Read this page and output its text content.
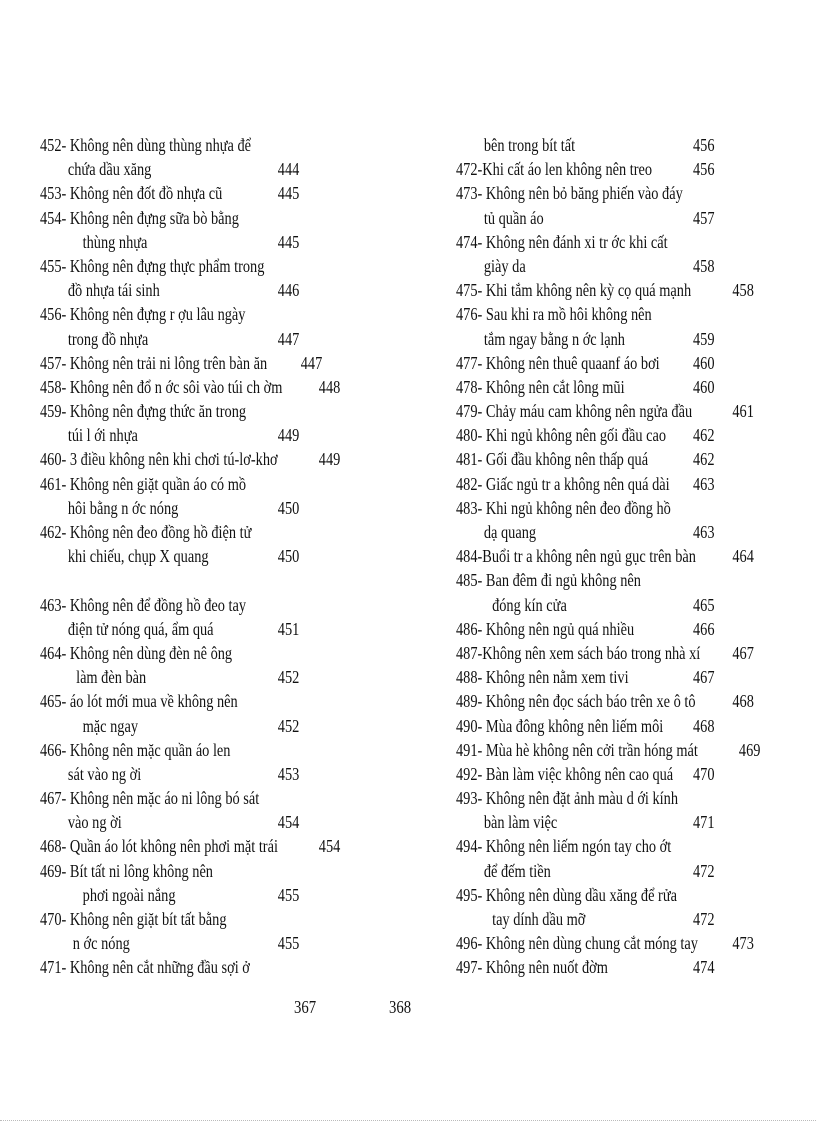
452- Không nên dùng thùng nhựa để
chứa dầu xăng	444
453- Không nên đốt đồ nhựa cũ	445
454- Không nên đựng sữa bò bằng
thùng nhựa	445
455- Không nên đựng thực phẩm trong
đồ nhựa tái sinh	446
456- Không nên đựng r ợu lâu ngày
trong đồ nhựa	447
457- Không nên trải ni lông trên bàn ăn 447
458- Không nên đổ n ớc sôi vào túi ch ờm 448
459- Không nên đựng thức ăn trong
túi l ới nhựa	449
460- 3 điều không nên khi chơi tú-lơ-khơ 449
461- Không nên giặt quần áo có mồ
hôi bằng n ớc nóng	450
462- Không nên đeo đồng hồ điện tử
khi chiếu, chụp X quang	450
463- Không nên để đồng hồ đeo tay
điện tử nóng quá, ẩm quá	451
464- Không nên dùng đèn nê ông
làm đèn bàn	452
465- áo lót mới mua về không nên
mặc ngay	452
466- Không nên mặc quần áo len
sát vào ng ời	453
467- Không nên mặc áo ni lông bó sát
vào ng ời	454
468- Quần áo lót không nên phơi mặt trái 454
469- Bít tất ni lông không nên
phơi ngoài nắng	455
470- Không nên giặt bít tất bằng
n ớc nóng	455
471- Không nên cắt những đầu sợi ở
bên trong bít tất	456
472-Khi cất áo len không nên treo 456
473- Không nên bỏ băng phiến vào đáy
tủ quần áo	457
474- Không nên đánh xi tr ớc khi cất
giày da	458
475- Khi tắm không nên kỳ cọ quá mạnh 458
476- Sau khi ra mồ hôi không nên
tắm ngay bằng n ớc lạnh	459
477- Không nên thuê quaanf áo bơi 460
478- Không nên cắt lông mũi	460
479- Chảy máu cam không nên ngửa đầu 461
480- Khi ngủ không nên gối đầu cao 462
481- Gối đầu không nên thấp quá	462
482- Giấc ngủ tr a không nên quá dài 463
483- Khi ngủ không nên đeo đồng hồ
dạ quang	463
484-Buổi tr a không nên ngủ gục trên bàn 464
485- Ban đêm đi ngủ không nên
đóng kín cửa	465
486- Không nên ngủ quá nhiều	466
487-Không nên xem sách báo trong nhà xí 467
488- Không nên nằm xem tivi	467
489- Không nên đọc sách báo trên xe ô tô 468
490- Mùa đông không nên liếm môi 468
491- Mùa hè không nên cởi trần hóng mát 469
492- Bàn làm việc không nên cao quá 470
493- Không nên đặt ảnh màu d ới kính
bàn làm việc	471
494- Không nên liếm ngón tay cho ớt
để đếm tiền	472
495- Không nên dùng dầu xăng để rửa
tay dính dầu mỡ	472
496- Không nên dùng chung cắt móng tay 473
497- Không nên nuốt đờm	474
367	368
